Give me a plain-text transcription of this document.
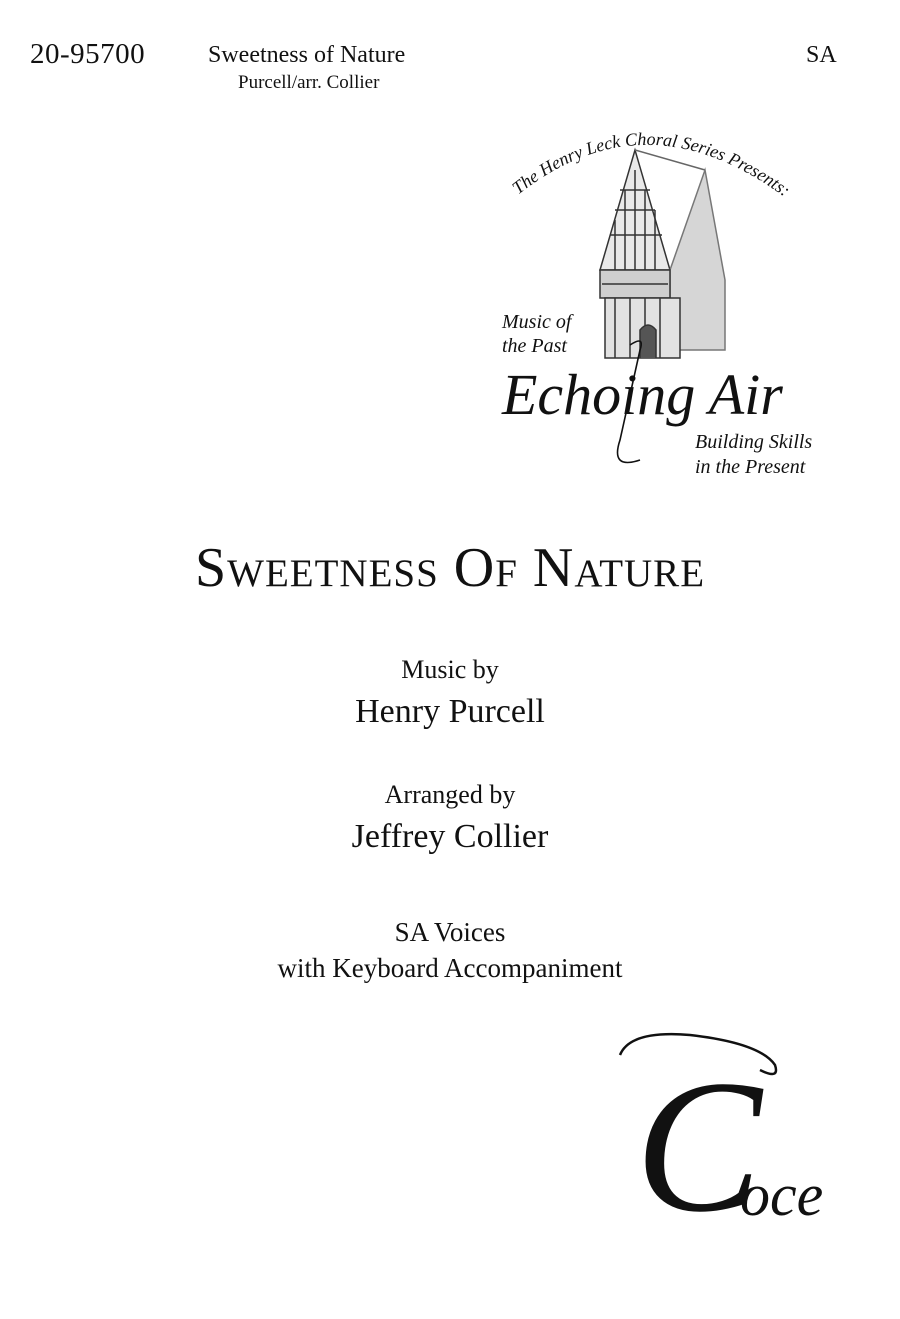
20-95700	Sweetness of Nature
Purcell/arr. Collier
SA
The Henry Leck Choral Series Presents:
Music of
the Past
Echoing Air
Building Skills
in the Present
Sweetness Of Nature
Music by
Henry Purcell
Arranged by
Jeffrey Collier
SA Voices
with Keyboard Accompaniment
C
oce
